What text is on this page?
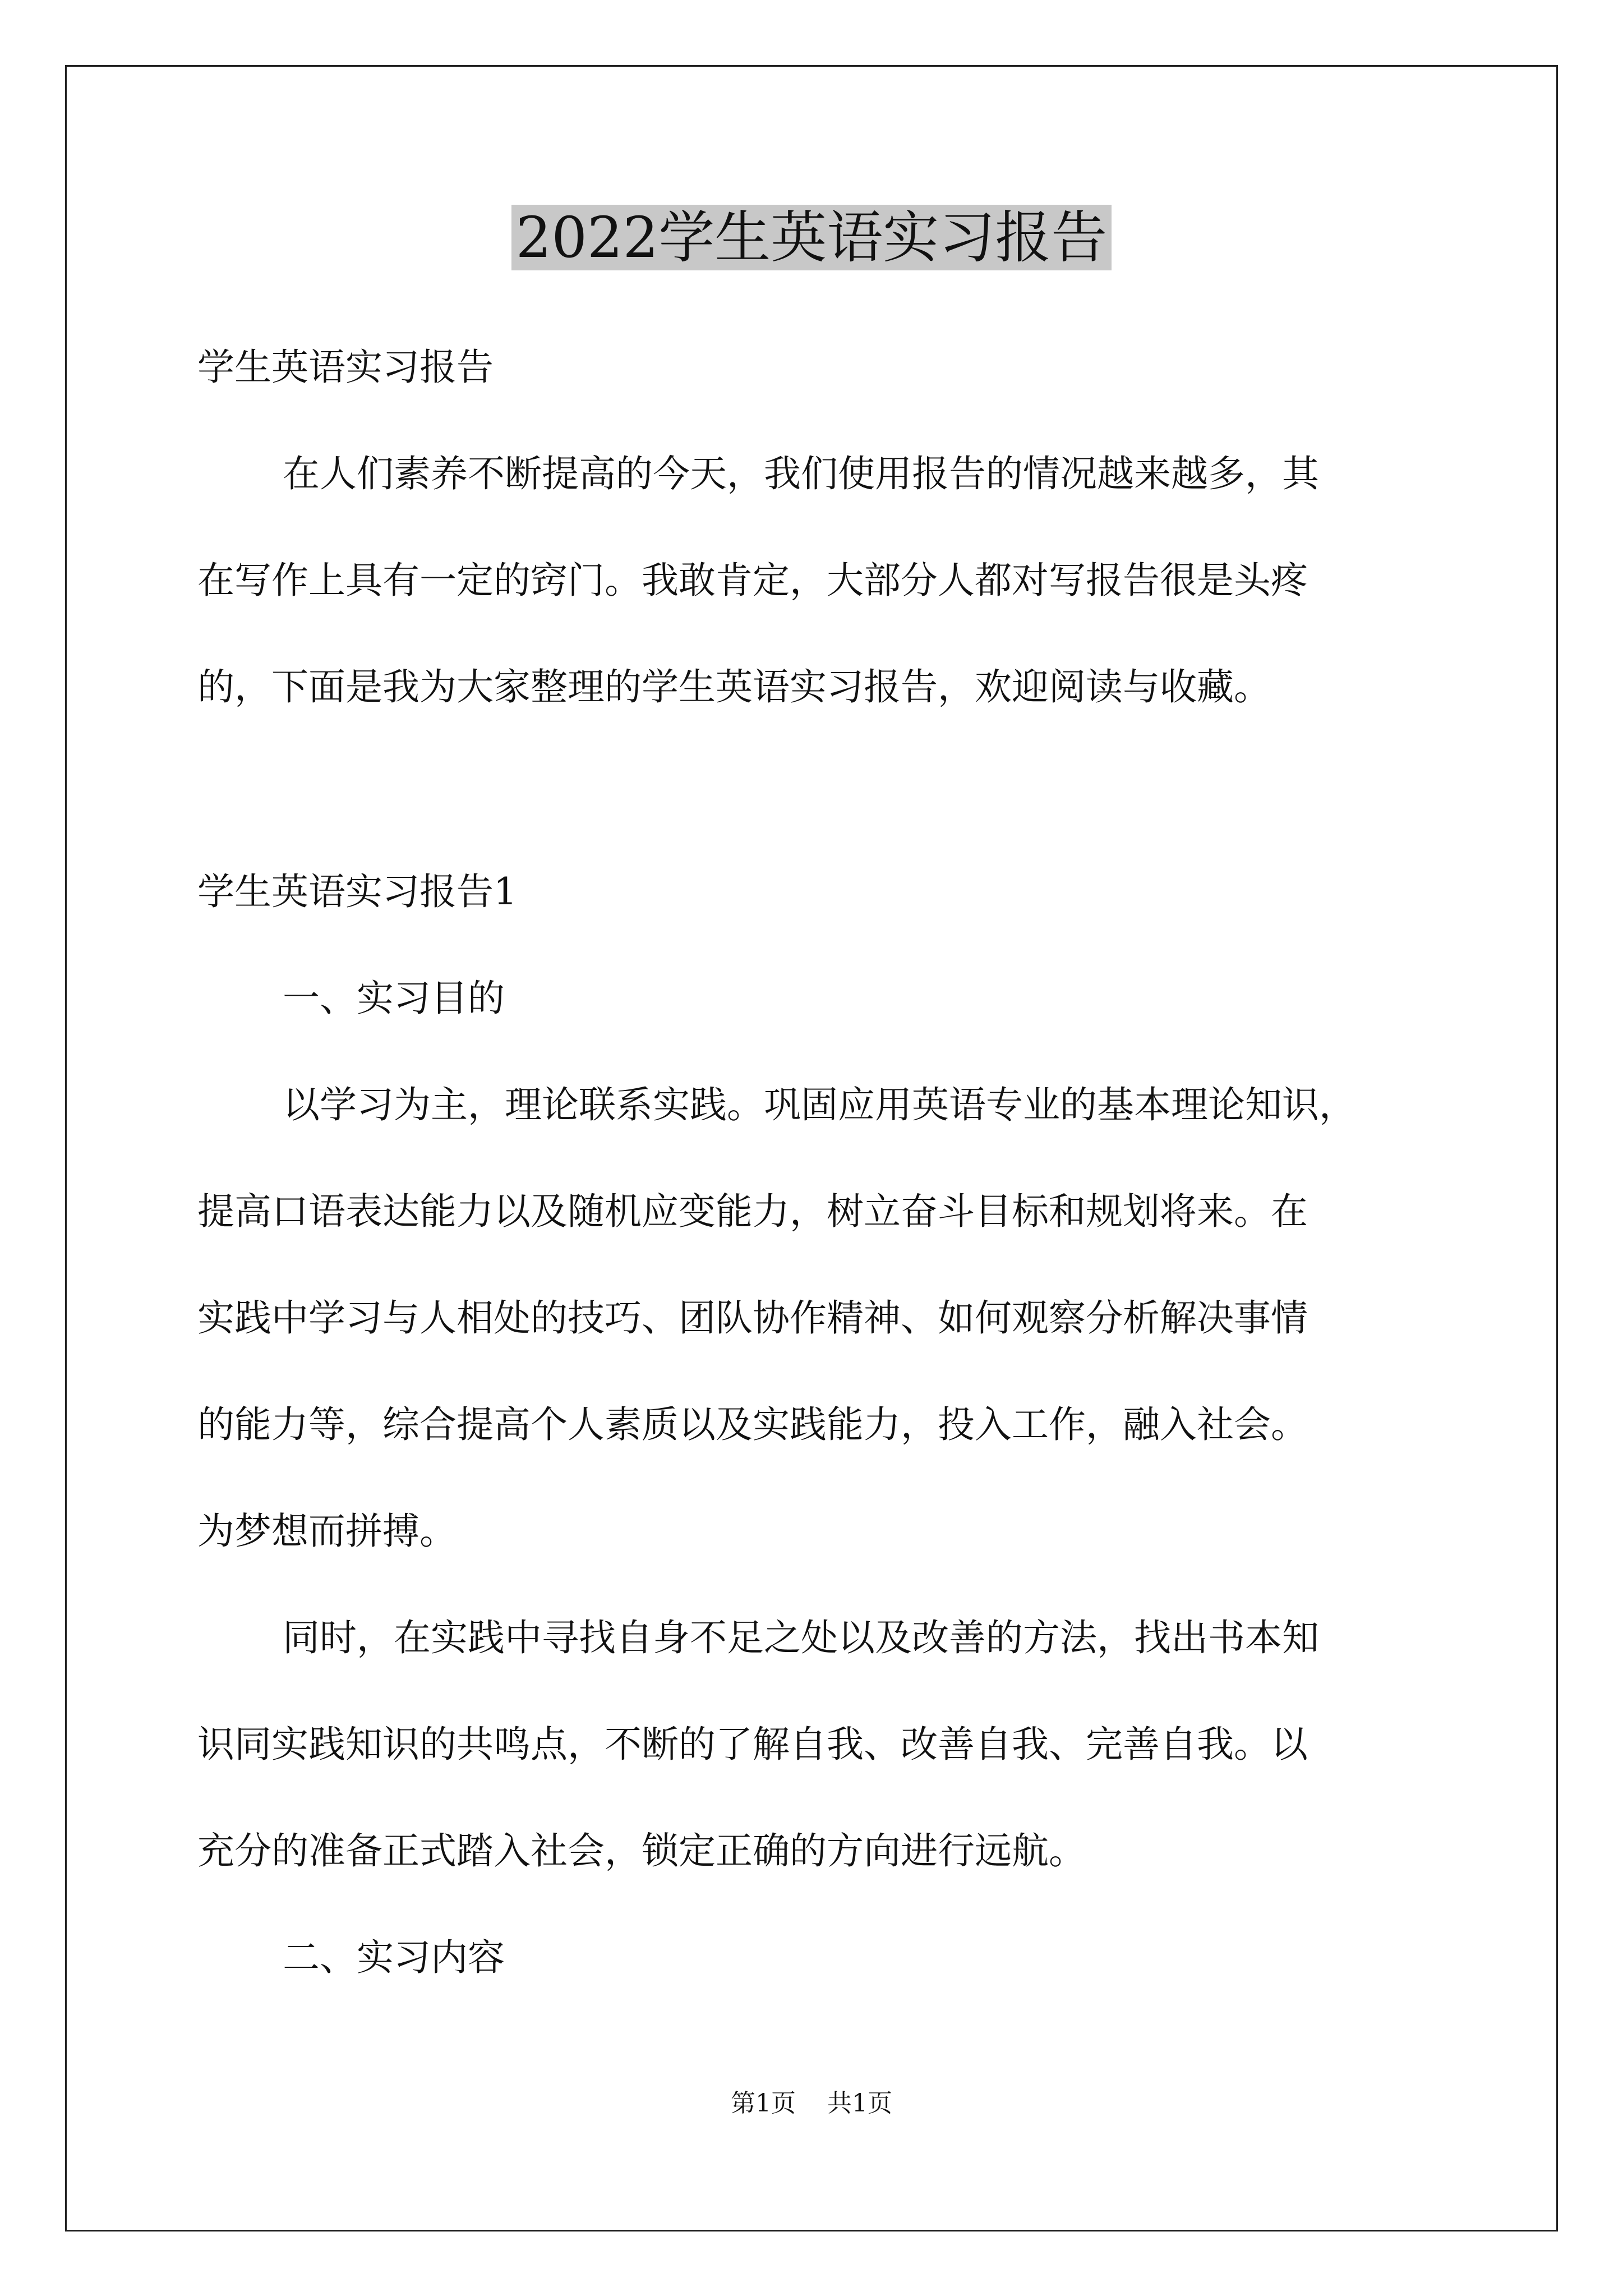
2022学生英语实习报告

学生英语实习报告

在人们素养不断提高的今天，我们使用报告的情况越来越多，其

在写作上具有一定的窍门。我敢肯定，大部分人都对写报告很是头疼

的，下面是我为大家整理的学生英语实习报告，欢迎阅读与收藏。

学生英语实习报告1

一、实习目的

以学习为主，理论联系实践。巩固应用英语专业的基本理论知识，

提高口语表达能力以及随机应变能力，树立奋斗目标和规划将来。在

实践中学习与人相处的技巧、团队协作精神、如何观察分析解决事情

的能力等，综合提高个人素质以及实践能力，投入工作，融入社会。

为梦想而拼搏。

同时，在实践中寻找自身不足之处以及改善的方法，找出书本知

识同实践知识的共鸣点，不断的了解自我、改善自我、完善自我。以

充分的准备正式踏入社会，锁定正确的方向进行远航。

二、实习内容

第1页 共1页
